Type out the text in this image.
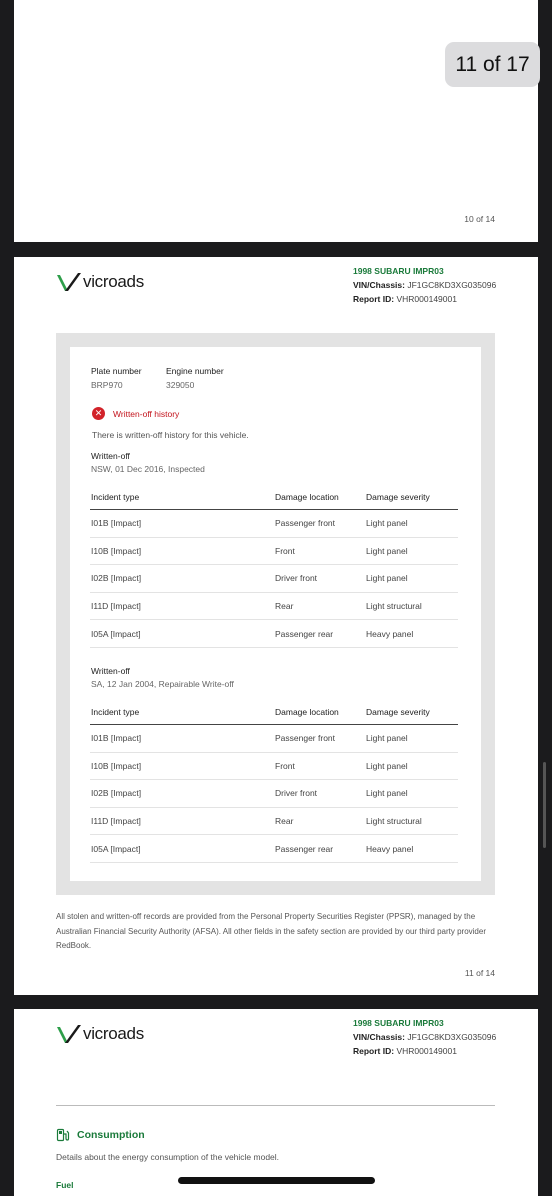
11 of 17
10 of 14
vicroads
1998 SUBARU IMPR03
VIN/Chassis: JF1GC8KD3XG035096
Report ID: VHR000149001
Plate number
BRP970
Engine number
329050
✕	Written-off history
There is written-off history for this vehicle.
Written-off
NSW, 01 Dec 2016, Inspected
Incident type	Damage location	Damage severity
I01B [Impact]	Passenger front	Light panel
I10B [Impact]	Front	Light panel
I02B [Impact]	Driver front	Light panel
I11D [Impact]	Rear	Light structural
I05A [Impact]	Passenger rear	Heavy panel
Written-off
SA, 12 Jan 2004, Repairable Write-off
Incident type	Damage location	Damage severity
I01B [Impact]	Passenger front	Light panel
I10B [Impact]	Front	Light panel
I02B [Impact]	Driver front	Light panel
I11D [Impact]	Rear	Light structural
I05A [Impact]	Passenger rear	Heavy panel
All stolen and written-off records are provided from the Personal Property Securities Register (PPSR), managed by the Australian Financial Security Authority (AFSA). All other fields in the safety section are provided by our third party provider RedBook.
11 of 14
vicroads
1998 SUBARU IMPR03
VIN/Chassis: JF1GC8KD3XG035096
Report ID: VHR000149001
Consumption
Details about the energy consumption of the vehicle model.
Fuel
